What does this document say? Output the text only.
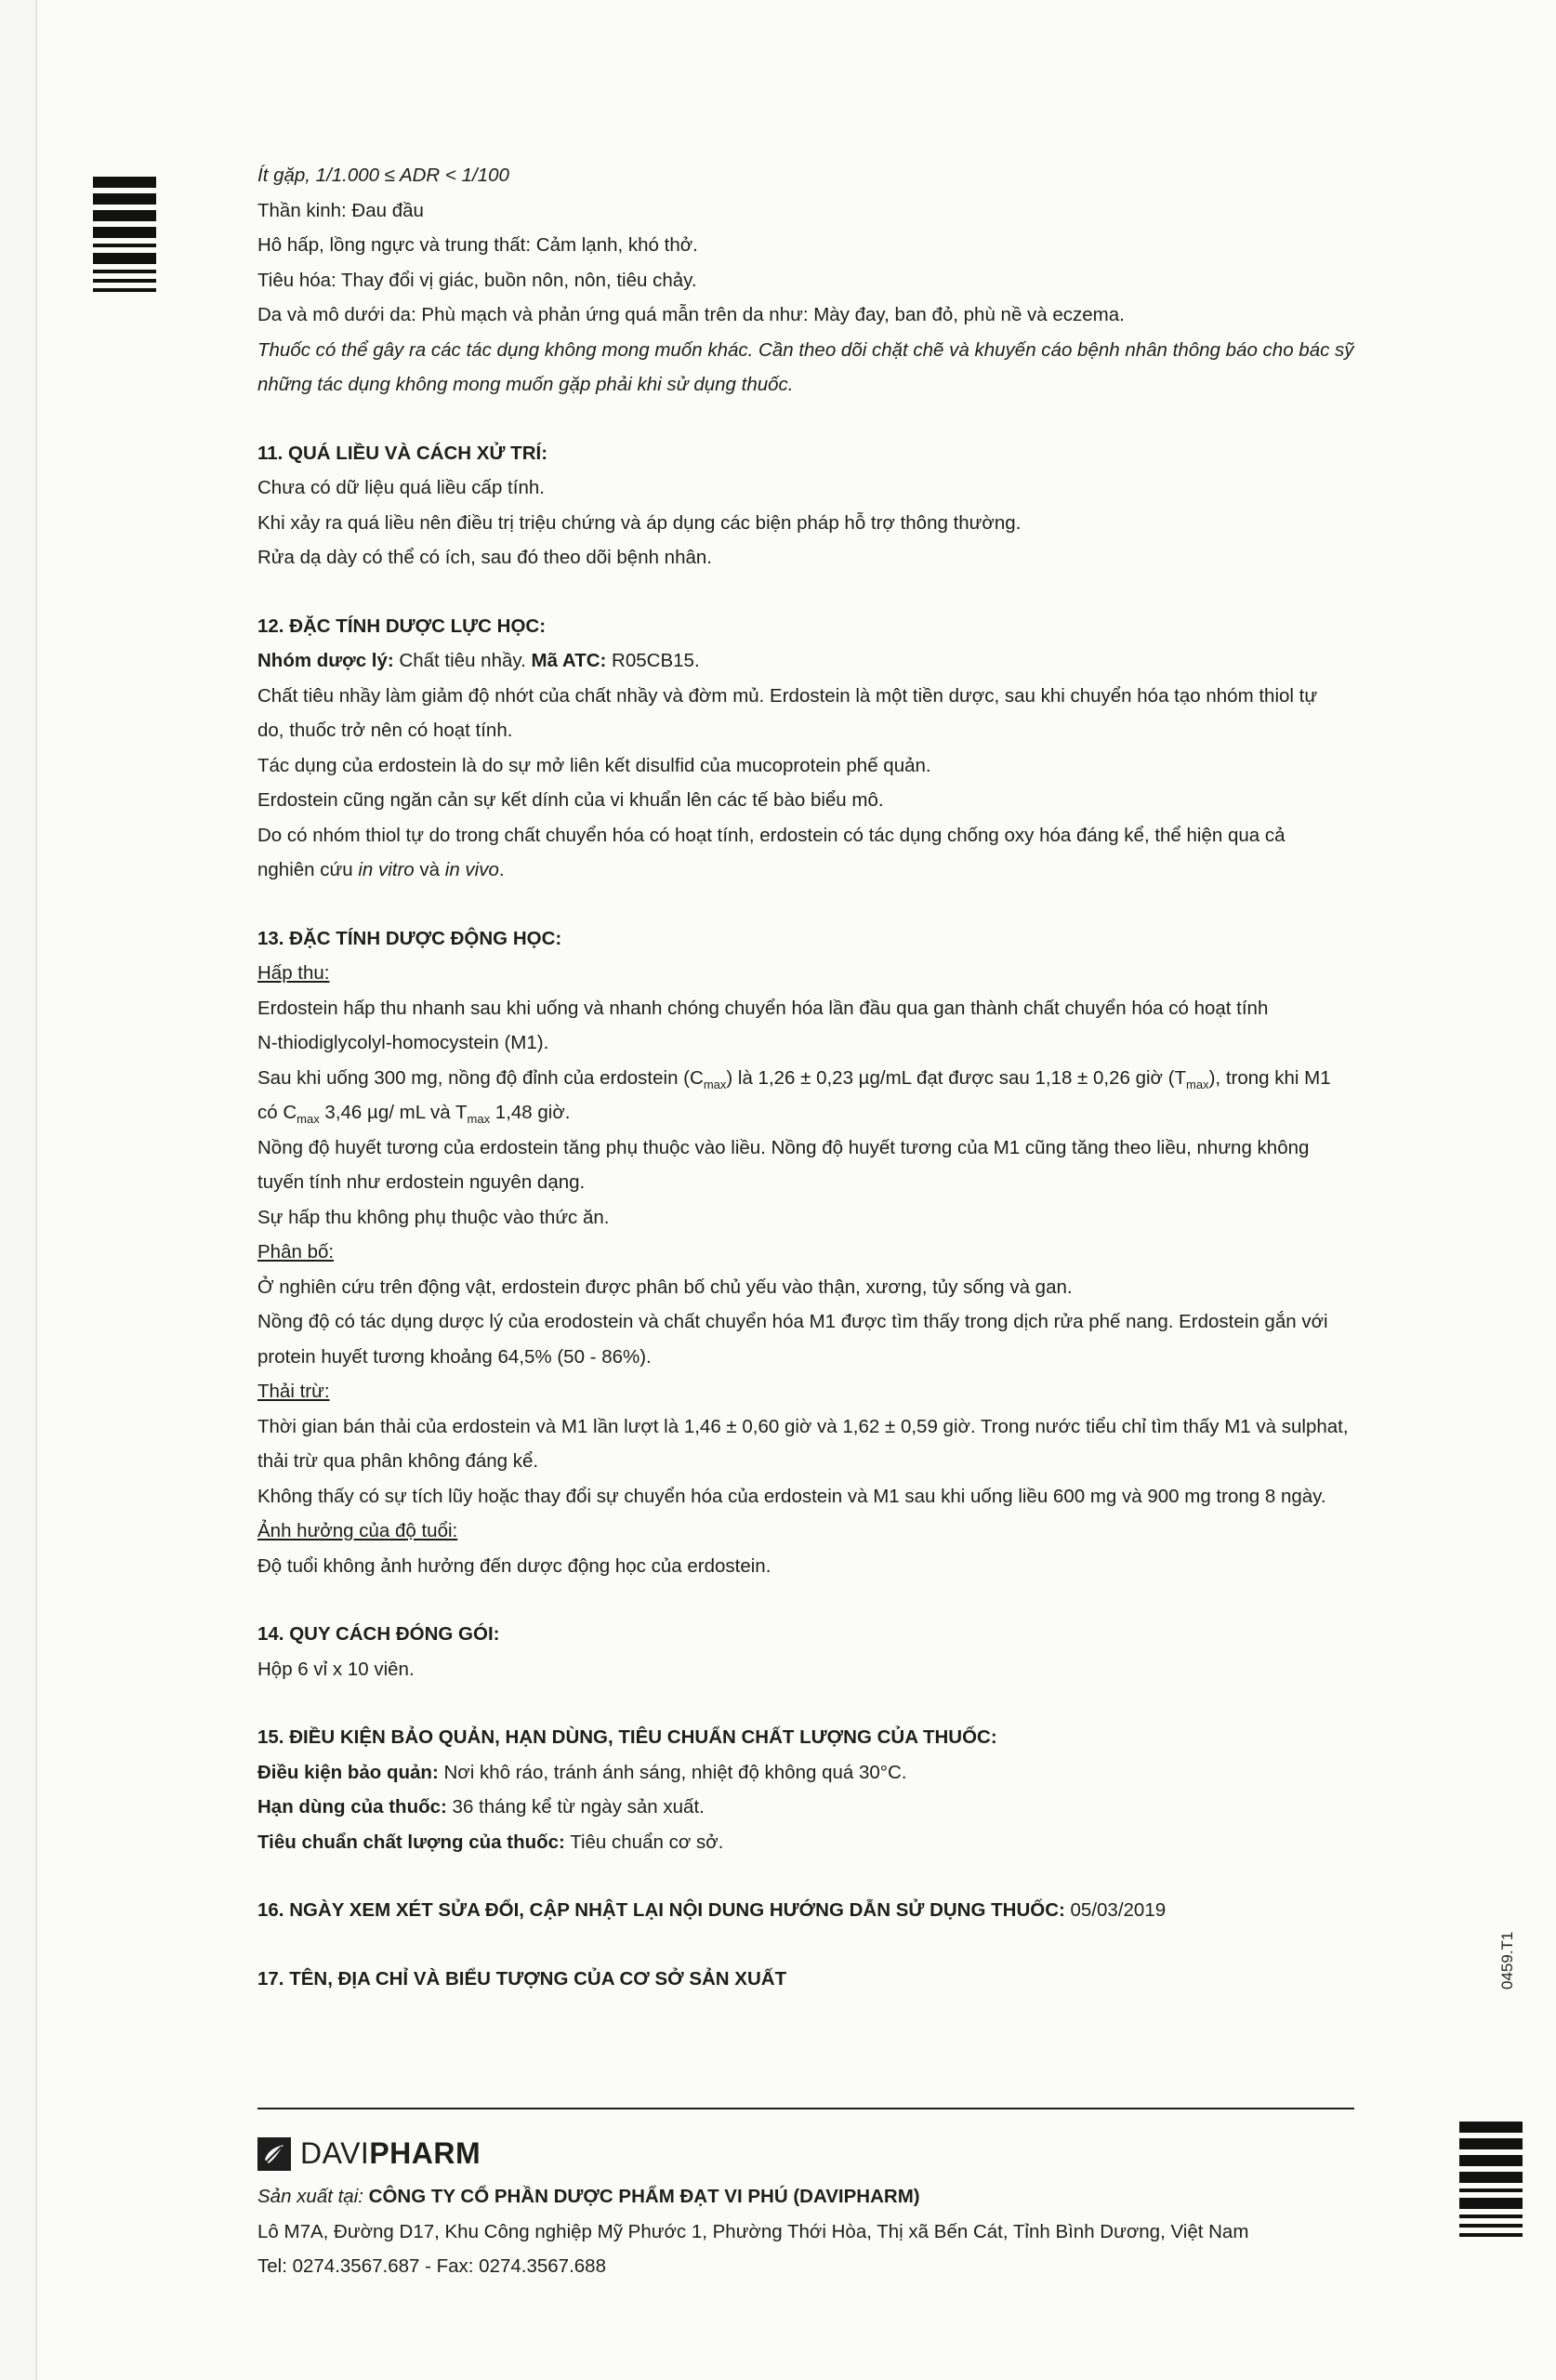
0459.T1

Ít gặp, 1/1.000 ≤ ADR < 1/100

Thần kinh: Đau đầu

Hô hấp, lồng ngực và trung thất: Cảm lạnh, khó thở.

Tiêu hóa: Thay đổi vị giác, buồn nôn, nôn, tiêu chảy.

Da và mô dưới da: Phù mạch và phản ứng quá mẫn trên da như: Mày đay, ban đỏ, phù nề và eczema.

Thuốc có thể gây ra các tác dụng không mong muốn khác. Cần theo dõi chặt chẽ và khuyến cáo bệnh nhân thông báo cho bác sỹ

những tác dụng không mong muốn gặp phải khi sử dụng thuốc.

11. QUÁ LIỀU VÀ CÁCH XỬ TRÍ:

Chưa có dữ liệu quá liều cấp tính.

Khi xảy ra quá liều nên điều trị triệu chứng và áp dụng các biện pháp hỗ trợ thông thường.

Rửa dạ dày có thể có ích, sau đó theo dõi bệnh nhân.

12. ĐẶC TÍNH DƯỢC LỰC HỌC:

Nhóm dược lý: Chất tiêu nhầy. Mã ATC: R05CB15.

Chất tiêu nhầy làm giảm độ nhớt của chất nhầy và đờm mủ. Erdostein là một tiền dược, sau khi chuyển hóa tạo nhóm thiol tự

do, thuốc trở nên có hoạt tính.

Tác dụng của erdostein là do sự mở liên kết disulfid của mucoprotein phế quản.

Erdostein cũng ngăn cản sự kết dính của vi khuẩn lên các tế bào biểu mô.

Do có nhóm thiol tự do trong chất chuyển hóa có hoạt tính, erdostein có tác dụng chống oxy hóa đáng kể, thể hiện qua cả

nghiên cứu in vitro và in vivo.

13. ĐẶC TÍNH DƯỢC ĐỘNG HỌC:

Hấp thu:

Erdostein hấp thu nhanh sau khi uống và nhanh chóng chuyển hóa lần đầu qua gan thành chất chuyển hóa có hoạt tính

N-thiodiglycolyl-homocystein (M1).

Sau khi uống 300 mg, nồng độ đỉnh của erdostein $(C_{max})$ là 1,26 ± 0,23 µg/mL đạt được sau 1,18 ± 0,26 giờ $(T_{max})$, trong khi M1

có $C_{max}$ 3,46 µg/ mL và $T_{max}$ 1,48 giờ.

Nồng độ huyết tương của erdostein tăng phụ thuộc vào liều. Nồng độ huyết tương của M1 cũng tăng theo liều, nhưng không

tuyến tính như erdostein nguyên dạng.

Sự hấp thu không phụ thuộc vào thức ăn.

Phân bố:

Ở nghiên cứu trên động vật, erdostein được phân bố chủ yếu vào thận, xương, tủy sống và gan.

Nồng độ có tác dụng dược lý của erodostein và chất chuyển hóa M1 được tìm thấy trong dịch rửa phế nang. Erdostein gắn với

protein huyết tương khoảng 64,5% (50 - 86%).

Thải trừ:

Thời gian bán thải của erdostein và M1 lần lượt là 1,46 ± 0,60 giờ và 1,62 ± 0,59 giờ. Trong nước tiểu chỉ tìm thấy M1 và sulphat,

thải trừ qua phân không đáng kể.

Không thấy có sự tích lũy hoặc thay đổi sự chuyển hóa của erdostein và M1 sau khi uống liều 600 mg và 900 mg trong 8 ngày.

Ảnh hưởng của độ tuổi:

Độ tuổi không ảnh hưởng đến dược động học của erdostein.

14. QUY CÁCH ĐÓNG GÓI:

Hộp 6 vỉ x 10 viên.

15. ĐIỀU KIỆN BẢO QUẢN, HẠN DÙNG, TIÊU CHUẨN CHẤT LƯỢNG CỦA THUỐC:

Điều kiện bảo quản: Nơi khô ráo, tránh ánh sáng, nhiệt độ không quá 30°C.

Hạn dùng của thuốc: 36 tháng kể từ ngày sản xuất.

Tiêu chuẩn chất lượng của thuốc: Tiêu chuẩn cơ sở.

16. NGÀY XEM XÉT SỬA ĐỔI, CẬP NHẬT LẠI NỘI DUNG HƯỚNG DẪN SỬ DỤNG THUỐC: 05/03/2019

17. TÊN, ĐỊA CHỈ VÀ BIỂU TƯỢNG CỦA CƠ SỞ SẢN XUẤT

DAVIPHARM

Sản xuất tại: CÔNG TY CỔ PHẦN DƯỢC PHẨM ĐẠT VI PHÚ (DAVIPHARM)

Lô M7A, Đường D17, Khu Công nghiệp Mỹ Phước 1, Phường Thới Hòa, Thị xã Bến Cát, Tỉnh Bình Dương, Việt Nam

Tel: 0274.3567.687 - Fax: 0274.3567.688
